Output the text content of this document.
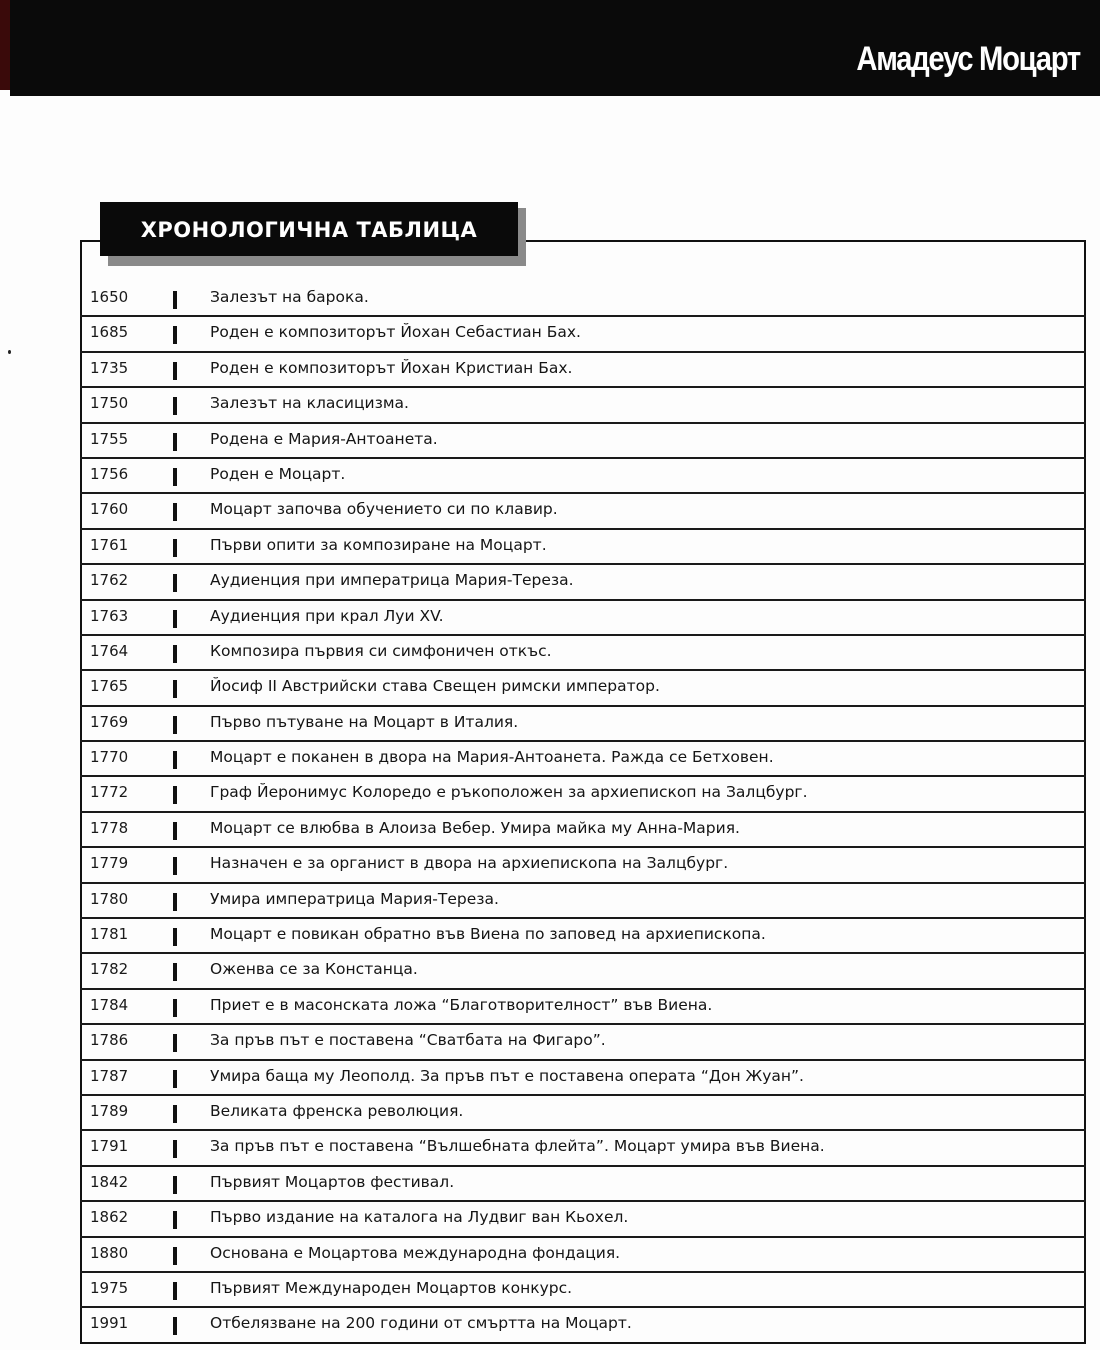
Амадеус Моцарт
ХРОНОЛОГИЧНА ТАБЛИЦА
1650	Залезът на барока.
1685	Роден е композиторът Йохан Себастиан Бах.
1735	Роден е композиторът Йохан Кристиан Бах.
1750	Залезът на класицизма.
1755	Родена е Мария-Антоанета.
1756	Роден е Моцарт.
1760	Моцарт започва обучението си по клавир.
1761	Първи опити за композиране на Моцарт.
1762	Аудиенция при императрица Мария-Тереза.
1763	Аудиенция при крал Луи XV.
1764	Композира първия си симфоничен откъс.
1765	Йосиф II Австрийски става Свещен римски император.
1769	Първо пътуване на Моцарт в Италия.
1770	Моцарт е поканен в двора на Мария-Антоанета. Ражда се Бетховен.
1772	Граф Йеронимус Колоредо е ръкоположен за архиепископ на Залцбург.
1778	Моцарт се влюбва в Алоиза Вебер. Умира майка му Анна-Мария.
1779	Назначен е за органист в двора на архиепископа на Залцбург.
1780	Умира императрица Мария-Тереза.
1781	Моцарт е повикан обратно във Виена по заповед на архиепископа.
1782	Оженва се за Констанца.
1784	Приет е в масонската ложа “Благотворителност” във Виена.
1786	За пръв път е поставена “Сватбата на Фигаро”.
1787	Умира баща му Леополд. За пръв път е поставена операта “Дон Жуан”.
1789	Великата френска революция.
1791	За пръв път е поставена “Вълшебната флейта”. Моцарт умира във Виена.
1842	Първият Моцартов фестивал.
1862	Първо издание на каталога на Лудвиг ван Кьохел.
1880	Основана е Моцартова международна фондация.
1975	Първият Международен Моцартов конкурс.
1991	Отбелязване на 200 години от смъртта на Моцарт.
